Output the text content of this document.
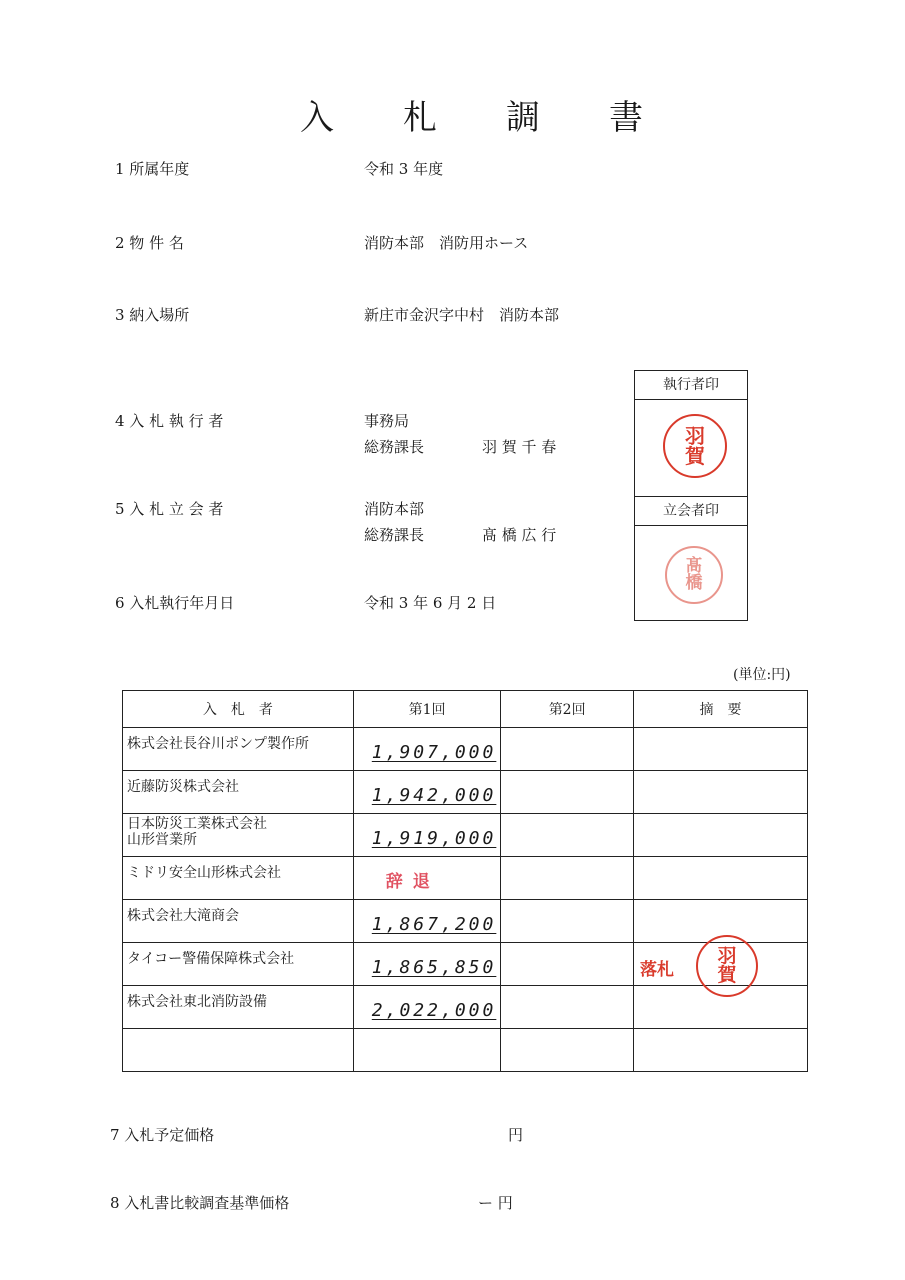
入 札 調 書
1 所属年度	令和 3 年度
2 物 件 名	消防本部　消防用ホース
3 納入場所	新庄市金沢字中村　消防本部
4 入 札 執 行 者	事務局
総務課長	羽 賀 千 春
5 入 札 立 会 者	消防本部
総務課長	髙 橋 広 行
6 入札執行年月日	令和 3 年 6 月 2 日
執行者印
羽
賀
立会者印
髙
橋
(単位:円)
入　札　者	第1回	第2回	摘　要

株式会社長谷川ポンプ製作所	1,907,000		

近藤防災株式会社	1,942,000		

日本防災工業株式会社
山形営業所	1,919,000		

ミドリ安全山形株式会社	辞退		

株式会社大滝商会	1,867,200		

タイコー警備保障株式会社	1,865,850		落札
羽
賀

株式会社東北消防設備	2,022,000		

7 入札予定価格	円
8 入札書比較調査基準価格	ー 円
